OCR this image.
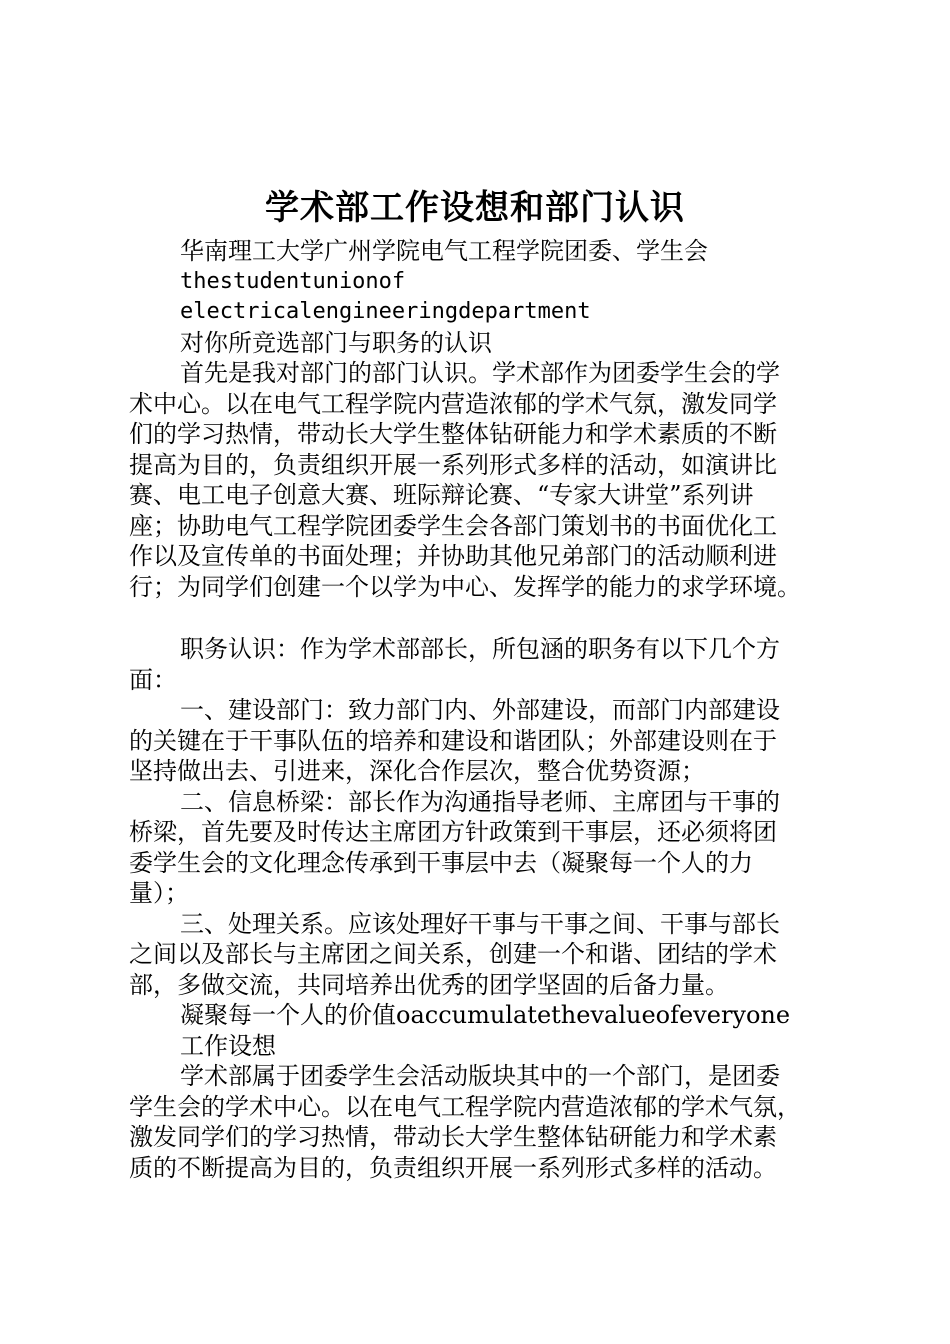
学术部工作设想和部门认识
华南理工大学广州学院电气工程学院团委、学生会
thestudentunionof
electricalengineeringdepartment
对你所竞选部门与职务的认识
首先是我对部门的部门认识。学术部作为团委学生会的学
术中心。以在电气工程学院内营造浓郁的学术气氛，激发同学
们的学习热情，带动长大学生整体钻研能力和学术素质的不断
提高为目的，负责组织开展一系列形式多样的活动，如演讲比
赛、电工电子创意大赛、班际辩论赛、“专家大讲堂”系列讲
座；协助电气工程学院团委学生会各部门策划书的书面优化工
作以及宣传单的书面处理；并协助其他兄弟部门的活动顺利进
行；为同学们创建一个以学为中心、发挥学的能力的求学环境。
职务认识：作为学术部部长，所包涵的职务有以下几个方
面：
一、建设部门：致力部门内、外部建设，而部门内部建设
的关键在于干事队伍的培养和建设和谐团队；外部建设则在于
坚持做出去、引进来，深化合作层次，整合优势资源；
二、信息桥梁：部长作为沟通指导老师、主席团与干事的
桥梁，首先要及时传达主席团方针政策到干事层，还必须将团
委学生会的文化理念传承到干事层中去（凝聚每一个人的力
量）；
三、处理关系。应该处理好干事与干事之间、干事与部长
之间以及部长与主席团之间关系，创建一个和谐、团结的学术
部，多做交流，共同培养出优秀的团学坚固的后备力量。
凝聚每一个人的价值oaccumulatethevalueofeveryone
工作设想
学术部属于团委学生会活动版块其中的一个部门，是团委
学生会的学术中心。以在电气工程学院内营造浓郁的学术气氛，
激发同学们的学习热情，带动长大学生整体钻研能力和学术素
质的不断提高为目的，负责组织开展一系列形式多样的活动。
